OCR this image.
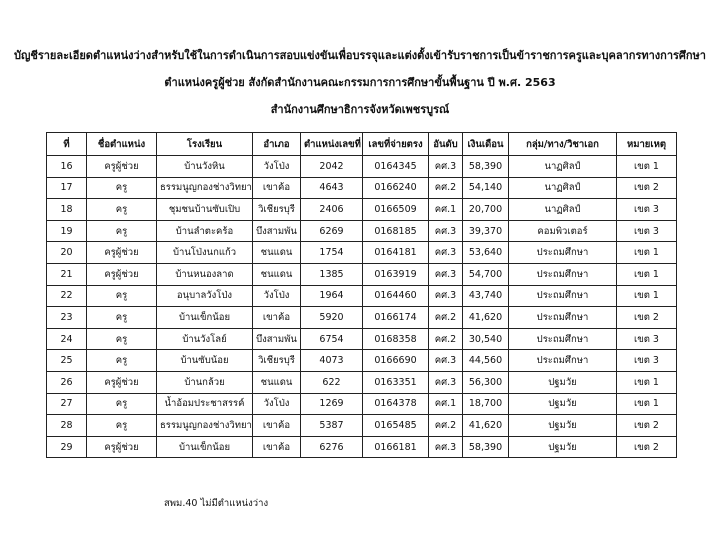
บัญชีรายละเอียดตำแหน่งว่างสำหรับใช้ในการดำเนินการสอบแข่งขันเพื่อบรรจุและแต่งตั้งเข้ารับราชการเป็นข้าราชการครูและบุคลากรทางการศึกษา
ตำแหน่งครูผู้ช่วย สังกัดสำนักงานคณะกรรมการการศึกษาขั้นพื้นฐาน ปี พ.ศ. 2563
สำนักงานศึกษาธิการจังหวัดเพชรบูรณ์
ที่	ชื่อตำแหน่ง	โรงเรียน	อำเภอ	ตำแหน่งเลขที่	เลขที่จ่ายตรง	อันดับ	เงินเดือน	กลุ่ม/ทาง/วิชาเอก	หมายเหตุ
16	ครูผู้ช่วย	บ้านวังหิน	วังโป่ง	2042	0164345	คศ.3	58,390	นาฏศิลป์	เขต 1
17	ครู	ธรรมนูญกองช่างวิทยา	เขาค้อ	4643	0166240	คศ.2	54,140	นาฏศิลป์	เขต 2
18	ครู	ชุมชนบ้านซับเปิบ	วิเชียรบุรี	2406	0166509	คศ.1	20,700	นาฏศิลป์	เขต 3
19	ครู	บ้านลำตะคร้อ	บึงสามพัน	6269	0168185	คศ.3	39,370	คอมพิวเตอร์	เขต 3
20	ครูผู้ช่วย	บ้านโป่งนกแก้ว	ชนแดน	1754	0164181	คศ.3	53,640	ประถมศึกษา	เขต 1
21	ครูผู้ช่วย	บ้านหนองลาด	ชนแดน	1385	0163919	คศ.3	54,700	ประถมศึกษา	เขต 1
22	ครู	อนุบาลวังโป่ง	วังโป่ง	1964	0164460	คศ.3	43,740	ประถมศึกษา	เขต 1
23	ครู	บ้านเข็กน้อย	เขาค้อ	5920	0166174	คศ.2	41,620	ประถมศึกษา	เขต 2
24	ครู	บ้านวังโลย์	บึงสามพัน	6754	0168358	คศ.2	30,540	ประถมศึกษา	เขต 3
25	ครู	บ้านซับน้อย	วิเชียรบุรี	4073	0166690	คศ.3	44,560	ประถมศึกษา	เขต 3
26	ครูผู้ช่วย	บ้านกล้วย	ชนแดน	622	0163351	คศ.3	56,300	ปฐมวัย	เขต 1
27	ครู	น้ำอ้อมประชาสรรค์	วังโป่ง	1269	0164378	คศ.1	18,700	ปฐมวัย	เขต 1
28	ครู	ธรรมนูญกองช่างวิทยา	เขาค้อ	5387	0165485	คศ.2	41,620	ปฐมวัย	เขต 2
29	ครูผู้ช่วย	บ้านเข็กน้อย	เขาค้อ	6276	0166181	คศ.3	58,390	ปฐมวัย	เขต 2
สพม.40 ไม่มีตำแหน่งว่าง
